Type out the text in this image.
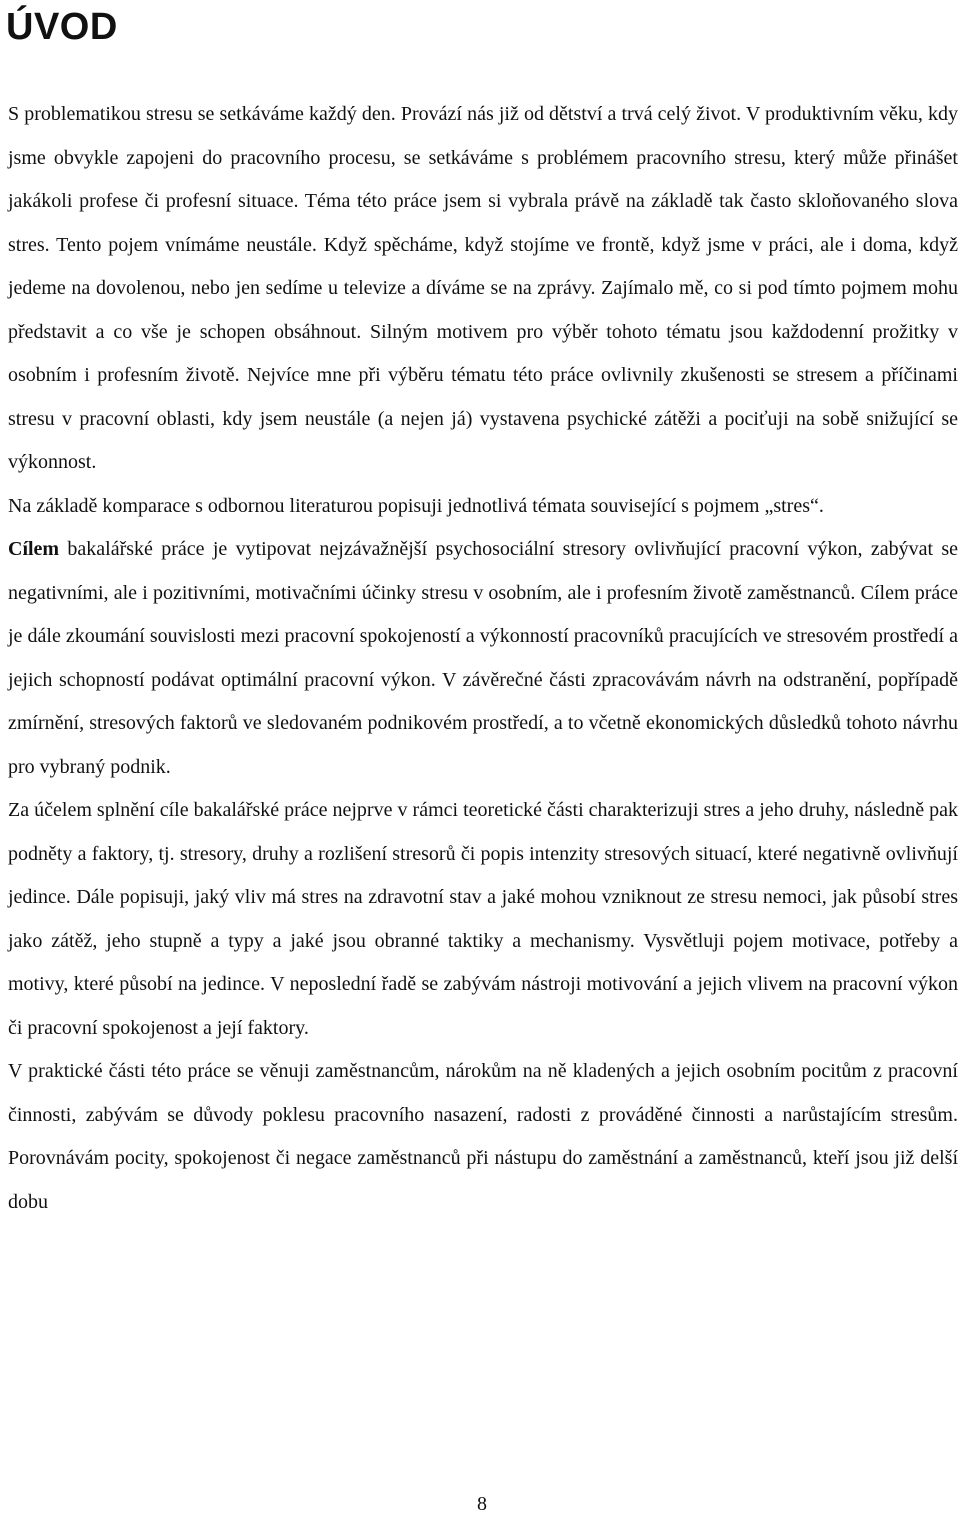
ÚVOD

S problematikou stresu se setkáváme každý den. Provází nás již od dětství a trvá celý život. V produktivním věku, kdy jsme obvykle zapojeni do pracovního procesu, se setkáváme s problémem pracovního stresu, který může přinášet jakákoli profese či profesní situace. Téma této práce jsem si vybrala právě na základě tak často skloňovaného slova stres. Tento pojem vnímáme neustále. Když spěcháme, když stojíme ve frontě, když jsme v práci, ale i doma, když jedeme na dovolenou, nebo jen sedíme u televize a díváme se na zprávy. Zajímalo mě, co si pod tímto pojmem mohu představit a co vše je schopen obsáhnout. Silným motivem pro výběr tohoto tématu jsou každodenní prožitky v osobním i profesním životě. Nejvíce mne při výběru tématu této práce ovlivnily zkušenosti se stresem a příčinami stresu v pracovní oblasti, kdy jsem neustále (a nejen já) vystavena psychické zátěži a pociťuji na sobě snižující se výkonnost.

Na základě komparace s odbornou literaturou popisuji jednotlivá témata související s pojmem „stres“.

Cílem bakalářské práce je vytipovat nejzávažnější psychosociální stresory ovlivňující pracovní výkon, zabývat se negativními, ale i pozitivními, motivačními účinky stresu v osobním, ale i profesním životě zaměstnanců. Cílem práce je dále zkoumání souvislosti mezi pracovní spokojeností a výkonností pracovníků pracujících ve stresovém prostředí a jejich schopností podávat optimální pracovní výkon. V závěrečné části zpracovávám návrh na odstranění, popřípadě zmírnění, stresových faktorů ve sledovaném podnikovém prostředí, a to včetně ekonomických důsledků tohoto návrhu pro vybraný podnik.

Za účelem splnění cíle bakalářské práce nejprve v rámci teoretické části charakterizuji stres a jeho druhy, následně pak podněty a faktory, tj. stresory, druhy a rozlišení stresorů či popis intenzity stresových situací, které negativně ovlivňují jedince. Dále popisuji, jaký vliv má stres na zdravotní stav a jaké mohou vzniknout ze stresu nemoci, jak působí stres jako zátěž, jeho stupně a typy a jaké jsou obranné taktiky a mechanismy. Vysvětluji pojem motivace, potřeby a motivy, které působí na jedince. V neposlední řadě se zabývám nástroji motivování a jejich vlivem na pracovní výkon či pracovní spokojenost a její faktory.

V praktické části této práce se věnuji zaměstnancům, nárokům na ně kladených a jejich osobním pocitům z pracovní činnosti, zabývám se důvody poklesu pracovního nasazení, radosti z prováděné činnosti a narůstajícím stresům. Porovnávám pocity, spokojenost či negace zaměstnanců při nástupu do zaměstnání a zaměstnanců, kteří jsou již delší dobu

8
